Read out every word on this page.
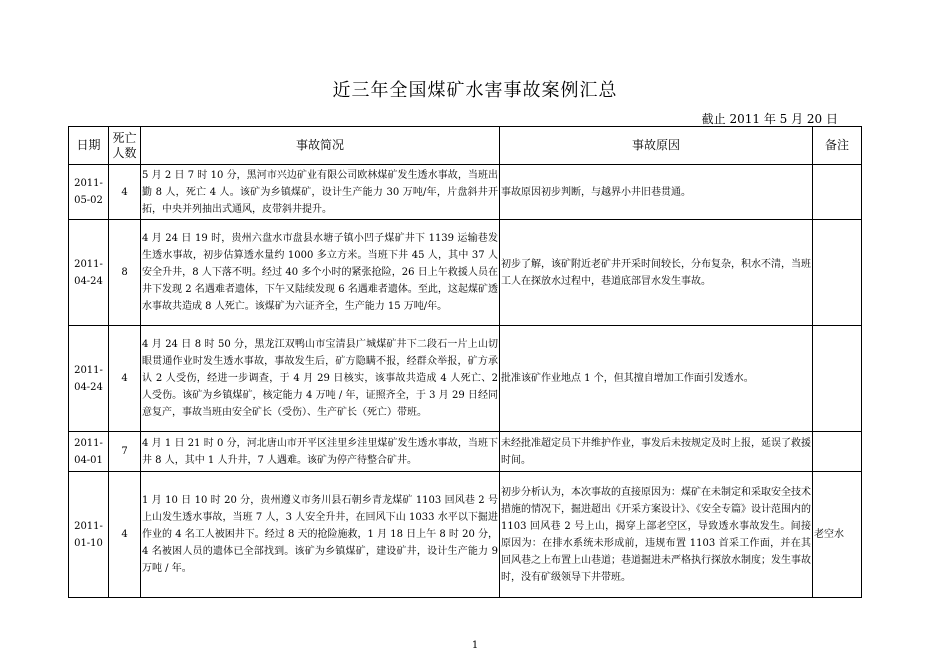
近三年全国煤矿水害事故案例汇总
截止 2011 年 5 月 20 日
日期	死亡人数	事故简况	事故原因	备注
2011-05-02	4	5 月 2 日 7 时 10 分，黑河市兴边矿业有限公司欧林煤矿发生透水事故，当班出勤 8 人，死亡 4 人。该矿为乡镇煤矿，设计生产能力 30 万吨/年，片盘斜井开拓，中央并列抽出式通风，皮带斜井提升。	事故原因初步判断，与越界小井旧巷贯通。	
2011-04-24	8	4 月 24 日 19 时，贵州六盘水市盘县水塘子镇小凹子煤矿井下 1139 运输巷发生透水事故，初步估算透水量约 1000 多立方米。当班下井 45 人，其中 37 人安全升井，8 人下落不明。经过 40 多个小时的紧张抢险，26 日上午救援人员在井下发现 2 名遇难者遗体，下午又陆续发现 6 名遇难者遗体。至此，这起煤矿透水事故共造成 8 人死亡。该煤矿为六证齐全，生产能力 15 万吨/年。	初步了解，该矿附近老矿井开采时间较长，分布复杂，积水不清，当班工人在探放水过程中，巷道底部冒水发生事故。	
2011-04-24	4	4 月 24 日 8 时 50 分，黑龙江双鸭山市宝清县广城煤矿井下二段石一片上山切眼贯通作业时发生透水事故，事故发生后，矿方隐瞒不报，经群众举报，矿方承认 2 人受伤，经进一步调查，于 4 月 29 日核实，该事故共造成 4 人死亡、2 人受伤。该矿为乡镇煤矿，核定能力 4 万吨 / 年，证照齐全，于 3 月 29 日经同意复产，事故当班由安全矿长（受伤）、生产矿长（死亡）带班。	批准该矿作业地点 1 个，但其擅自增加工作面引发透水。	
2011-04-01	7	4 月 1 日 21 时 0 分，河北唐山市开平区洼里乡洼里煤矿发生透水事故，当班下井 8 人，其中 1 人升井，7 人遇难。该矿为停产待整合矿井。	未经批准超定员下井维护作业，事发后未按规定及时上报，延误了救援时间。	
2011-01-10	4	1 月 10 日 10 时 20 分，贵州遵义市务川县石朝乡青龙煤矿 1103 回风巷 2 号上山发生透水事故，当班 7 人，3 人安全升井，在回风下山 1033 水平以下掘进作业的 4 名工人被困井下。经过 8 天的抢险施救，1 月 18 日上午 8 时 20 分，4 名被困人员的遗体已全部找到。该矿为乡镇煤矿，建设矿井，设计生产能力 9 万吨 / 年。	初步分析认为，本次事故的直接原因为：煤矿在未制定和采取安全技术措施的情况下，掘进超出《开采方案设计》、《安全专篇》设计范围内的 1103 回风巷 2 号上山，揭穿上部老空区，导致透水事故发生。间接原因为：在排水系统未形成前，违规布置 1103 首采工作面，并在其回风巷之上布置上山巷道；巷道掘进未严格执行探放水制度；发生事故时，没有矿级领导下井带班。	老空水
1
